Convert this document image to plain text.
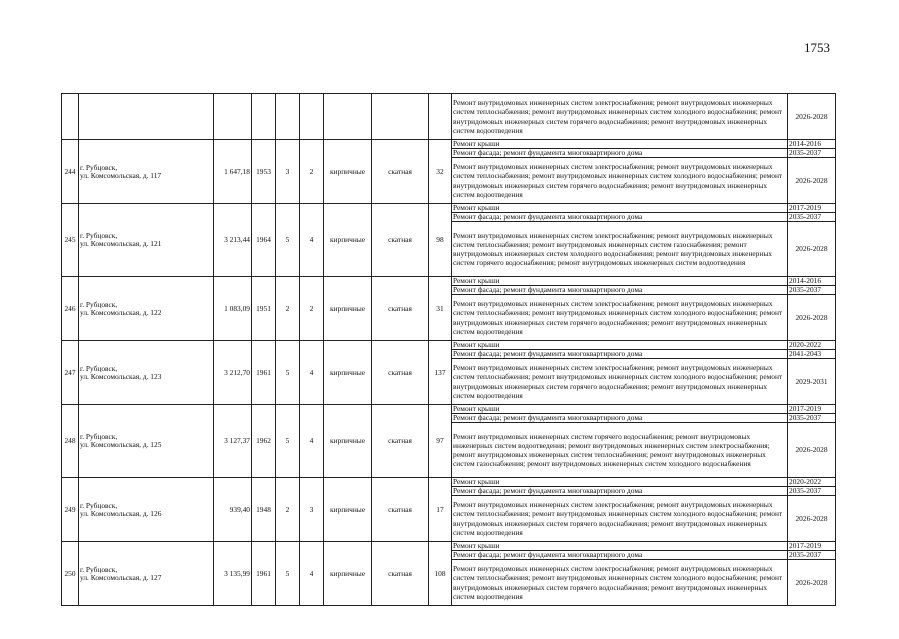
1753
									Ремонт внутридомовых инженерных систем электроснабжения; ремонт внутридомовых инженерных систем теплоснабжения; ремонт внутридомовых инженерных систем холодного водоснабжения; ремонт внутридомовых инженерных систем горячего водоснабжения; ремонт внутридомовых инженерных систем водоотведения	2026-2028
244	г. Рубцовск,
ул. Комсомольская, д. 117	1 647,18	1953	3	2	кирпичные	скатная	32	Ремонт крыши	2014-2016
									Ремонт фасада; ремонт фундамента многоквартирного дома	2035-2037
									Ремонт внутридомовых инженерных систем электроснабжения; ремонт внутридомовых инженерных систем теплоснабжения; ремонт внутридомовых инженерных систем холодного водоснабжения; ремонт внутридомовых инженерных систем горячего водоснабжения; ремонт внутридомовых инженерных систем водоотведения	2026-2028
245	г. Рубцовск,
ул. Комсомольская, д. 121	3 213,44	1964	5	4	кирпичные	скатная	98	Ремонт крыши	2017-2019
									Ремонт фасада; ремонт фундамента многоквартирного дома	2035-2037
									Ремонт внутридомовых инженерных систем электроснабжения; ремонт внутридомовых инженерных систем теплоснабжения; ремонт внутридомовых инженерных систем газоснабжения; ремонт внутридомовых инженерных систем холодного водоснабжения; ремонт внутридомовых инженерных систем горячего водоснабжения; ремонт внутридомовых инженерных систем водоотведения	2026-2028
246	г. Рубцовск,
ул. Комсомольская, д. 122	1 083,09	1951	2	2	кирпичные	скатная	31	Ремонт крыши	2014-2016
									Ремонт фасада; ремонт фундамента многоквартирного дома	2035-2037
									Ремонт внутридомовых инженерных систем электроснабжения; ремонт внутридомовых инженерных систем теплоснабжения; ремонт внутридомовых инженерных систем холодного водоснабжения; ремонт внутридомовых инженерных систем горячего водоснабжения; ремонт внутридомовых инженерных систем водоотведения	2026-2028
247	г. Рубцовск,
ул. Комсомольская, д. 123	3 212,70	1961	5	4	кирпичные	скатная	137	Ремонт крыши	2020-2022
									Ремонт фасада; ремонт фундамента многоквартирного дома	2041-2043
									Ремонт внутридомовых инженерных систем электроснабжения; ремонт внутридомовых инженерных систем теплоснабжения; ремонт внутридомовых инженерных систем холодного водоснабжения; ремонт внутридомовых инженерных систем горячего водоснабжения; ремонт внутридомовых инженерных систем водоотведения	2029-2031
248	г. Рубцовск,
ул. Комсомольская, д. 125	3 127,37	1962	5	4	кирпичные	скатная	97	Ремонт крыши	2017-2019
									Ремонт фасада; ремонт фундамента многоквартирного дома	2035-2037
									Ремонт внутридомовых инженерных систем горячего водоснабжения; ремонт внутридомовых инженерных систем водоотведения; ремонт внутридомовых инженерных систем электроснабжения; ремонт внутридомовых инженерных систем теплоснабжения; ремонт внутридомовых инженерных систем газоснабжения; ремонт внутридомовых инженерных систем холодного водоснабжения	2026-2028
249	г. Рубцовск,
ул. Комсомольская, д. 126	939,40	1948	2	3	кирпичные	скатная	17	Ремонт крыши	2020-2022
									Ремонт фасада; ремонт фундамента многоквартирного дома	2035-2037
									Ремонт внутридомовых инженерных систем электроснабжения; ремонт внутридомовых инженерных систем теплоснабжения; ремонт внутридомовых инженерных систем холодного водоснабжения; ремонт внутридомовых инженерных систем горячего водоснабжения; ремонт внутридомовых инженерных систем водоотведения	2026-2028
250	г. Рубцовск,
ул. Комсомольская, д. 127	3 135,99	1961	5	4	кирпичные	скатная	108	Ремонт крыши	2017-2019
									Ремонт фасада; ремонт фундамента многоквартирного дома	2035-2037
									Ремонт внутридомовых инженерных систем электроснабжения; ремонт внутридомовых инженерных систем теплоснабжения; ремонт внутридомовых инженерных систем холодного водоснабжения; ремонт внутридомовых инженерных систем горячего водоснабжения; ремонт внутридомовых инженерных систем водоотведения	2026-2028
